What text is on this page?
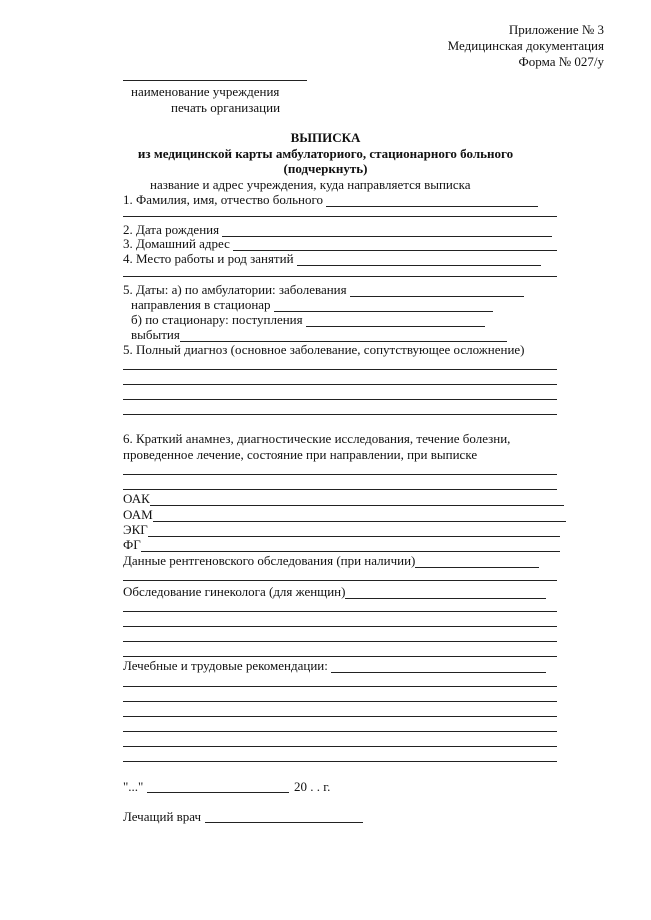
Приложение № 3
Медицинская документация
Форма № 027/у
наименование учреждения
печать организации
ВЫПИСКА
из медицинской карты амбулаториого, стационарного больного
(подчеркнуть)
название и адрес учреждения, куда направляется выписка
1. Фамилия, имя, отчество больного
2. Дата рождения
3. Домашний адрес
4. Место работы и род занятий
5. Даты: а) по амбулатории: заболевания
направления в стационар
б) по стационару: поступления
выбытия
5. Полный диагноз (основное заболевание, сопутствующее осложнение)
6. Краткий анамнез, диагностические исследования, течение болезни,
проведенное лечение, состояние при направлении, при выписке
ОАК
ОАМ
ЭКГ
ФГ
Данные рентгеновского обследования (при наличии)
Обследование гинеколога (для женщин)
Лечебные и трудовые рекомендации:
"..."	20 . . г.
Лечащий врач
